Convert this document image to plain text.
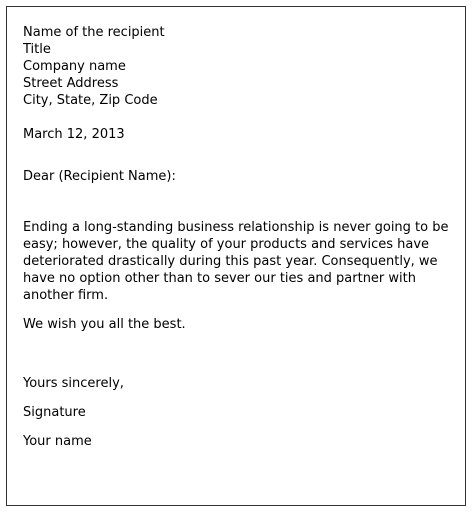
Name of the recipient
Title
Company name
Street Address
City, State, Zip Code
March 12, 2013
Dear (Recipient Name):
Ending a long-standing business relationship is never going to be easy; however, the quality of your products and services have deteriorated drastically during this past year. Consequently, we have no option other than to sever our ties and partner with another firm.
We wish you all the best.
Yours sincerely,
Signature
Your name
